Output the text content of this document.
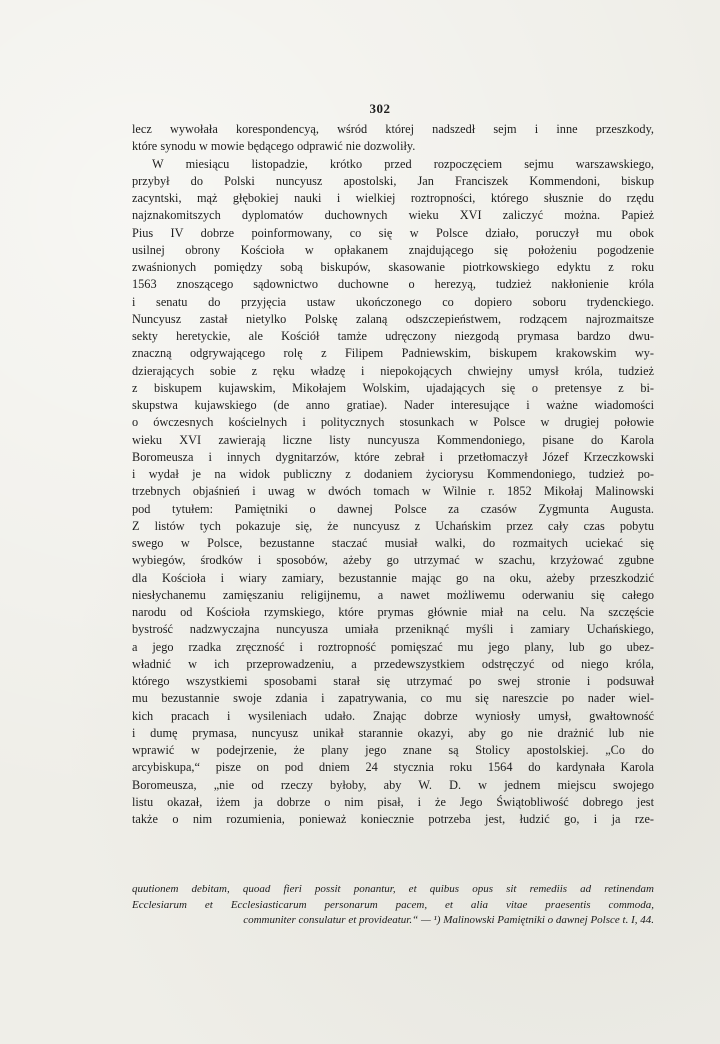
302
lecz wywołała korespondencyą, wśród której nadszedł sejm i inne przeszkody,
które synodu w mowie będącego odprawić nie dozwoliły.
W miesiącu listopadzie, krótko przed rozpoczęciem sejmu warszawskiego,
przybył do Polski nuncyusz apostolski, Jan Franciszek Kommendoni, biskup
zacyntski, mąż głębokiej nauki i wielkiej roztropności, którego słusznie do rzędu
najznakomitszych dyplomatów duchownych wieku XVI zaliczyć można. Papież
Pius IV dobrze poinformowany, co się w Polsce działo, poruczył mu obok
usilnej obrony Kościoła w opłakanem znajdującego się położeniu pogodzenie
zwaśnionych pomiędzy sobą biskupów, skasowanie piotrkowskiego edyktu z roku
1563 znoszącego sądownictwo duchowne o herezyą, tudzież nakłonienie króla
i senatu do przyjęcia ustaw ukończonego co dopiero soboru trydenckiego.
Nuncyusz zastał nietylko Polskę zalaną odszczepieństwem, rodzącem najrozmaitsze
sekty heretyckie, ale Kościół tamże udręczony niezgodą prymasa bardzo dwu-
znaczną odgrywającego rolę z Filipem Padniewskim, biskupem krakowskim wy-
dzierających sobie z ręku władzę i niepokojących chwiejny umysł króla, tudzież
z biskupem kujawskim, Mikołajem Wolskim, ujadających się o pretensye z bi-
skupstwa kujawskiego (de anno gratiae). Nader interesujące i ważne wiadomości
o ówczesnych kościelnych i politycznych stosunkach w Polsce w drugiej połowie
wieku XVI zawierają liczne listy nuncyusza Kommendoniego, pisane do Karola
Boromeusza i innych dygnitarzów, które zebrał i przetłomaczył Józef Krzeczkowski
i wydał je na widok publiczny z dodaniem życiorysu Kommendoniego, tudzież po-
trzebnych objaśnień i uwag w dwóch tomach w Wilnie r. 1852 Mikołaj Malinowski
pod tytułem: Pamiętniki o dawnej Polsce za czasów Zygmunta Augusta.
Z listów tych pokazuje się, że nuncyusz z Uchańskim przez cały czas pobytu
swego w Polsce, bezustanne staczać musiał walki, do rozmaitych uciekać się
wybiegów, środków i sposobów, ażeby go utrzymać w szachu, krzyżować zgubne
dla Kościoła i wiary zamiary, bezustannie mając go na oku, ażeby przeszkodzić
niesłychanemu zamięszaniu religijnemu, a nawet możliwemu oderwaniu się całego
narodu od Kościoła rzymskiego, które prymas głównie miał na celu. Na szczęście
bystrość nadzwyczajna nuncyusza umiała przeniknąć myśli i zamiary Uchańskiego,
a jego rzadka zręczność i roztropność pomięszać mu jego plany, lub go ubez-
władnić w ich przeprowadzeniu, a przedewszystkiem odstręczyć od niego króla,
którego wszystkiemi sposobami starał się utrzymać po swej stronie i podsuwał
mu bezustannie swoje zdania i zapatrywania, co mu się nareszcie po nader wiel-
kich pracach i wysileniach udało. Znając dobrze wyniosły umysł, gwałtowność
i dumę prymasa, nuncyusz unikał starannie okazyi, aby go nie drażnić lub nie
wprawić w podejrzenie, że plany jego znane są Stolicy apostolskiej. „Co do
arcybiskupa,“ pisze on pod dniem 24 stycznia roku 1564 do kardynała Karola
Boromeusza, „nie od rzeczy byłoby, aby W. D. w jednem miejscu swojego
listu okazał, iżem ja dobrze o nim pisał, i że Jego Świątobliwość dobrego jest
także o nim rozumienia, ponieważ koniecznie potrzeba jest, łudzić go, i ja rze-
quutionem debitam, quoad fieri possit ponantur, et quibus opus sit remediis ad retinendam
Ecclesiarum et Ecclesiasticarum personarum pacem, et alia vitae praesentis commoda,
communiter consulatur et provideatur.“ — ¹) Malinowski Pamiętniki o dawnej Polsce t. I, 44.
